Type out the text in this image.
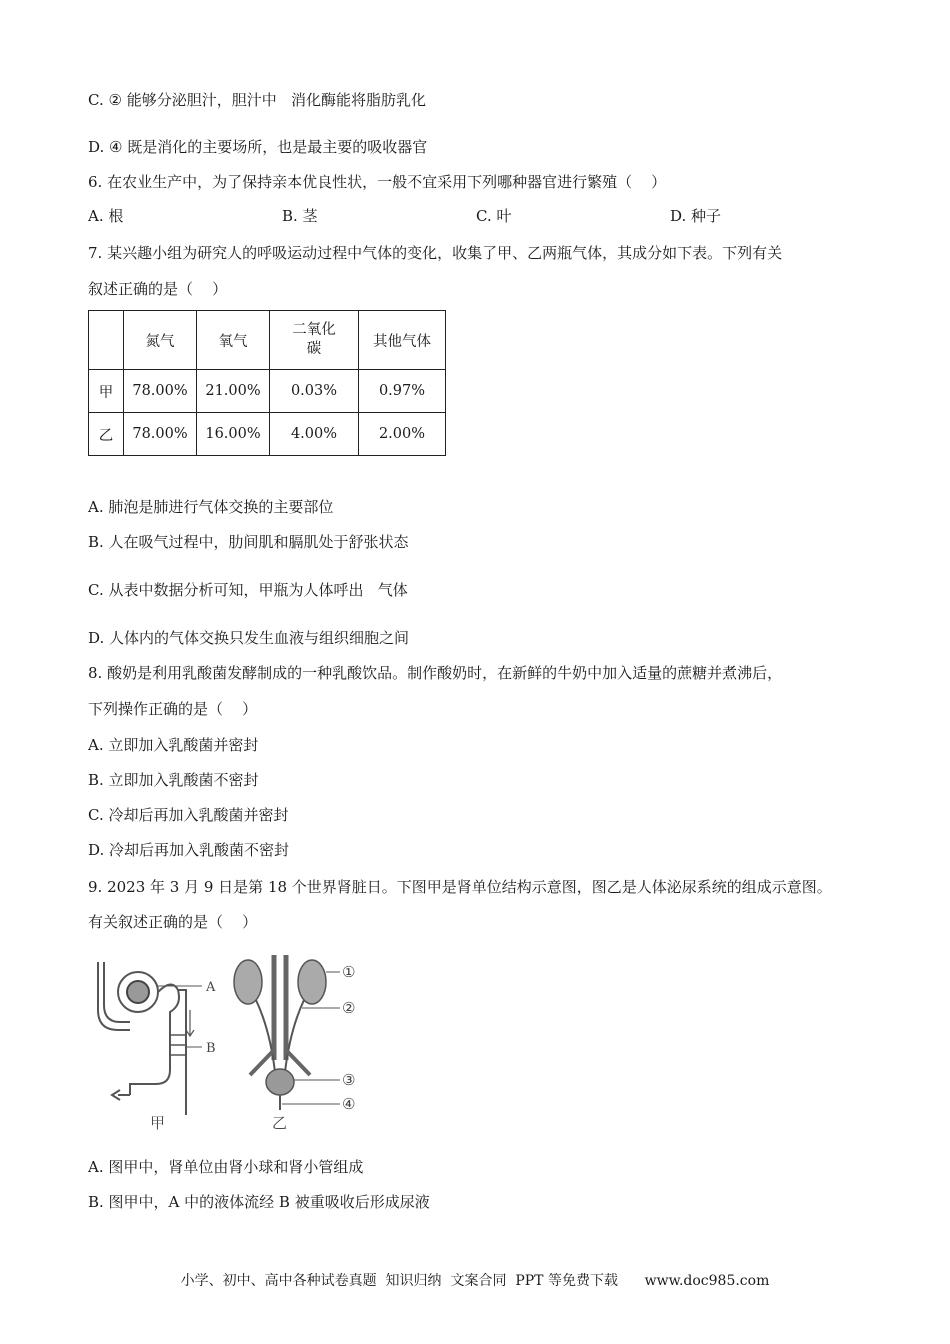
C. ② 能够分泌胆汁，胆汁中   消化酶能将脂肪乳化
D. ④ 既是消化的主要场所，也是最主要的吸收器官
6. 在农业生产中，为了保持亲本优良性状，一般不宜采用下列哪种器官进行繁殖（    ）
A. 根	B. 茎	C. 叶	D. 种子
7. 某兴趣小组为研究人的呼吸运动过程中气体的变化，收集了甲、乙两瓶气体，其成分如下表。下列有关
叙述正确的是（    ）
	氮气	氧气	二氧化碳	其他气体
甲	78.00%	21.00%	0.03%	0.97%
乙	78.00%	16.00%	4.00%	2.00%
A. 肺泡是肺进行气体交换的主要部位
B. 人在吸气过程中，肋间肌和膈肌处于舒张状态
C. 从表中数据分析可知，甲瓶为人体呼出   气体
D. 人体内的气体交换只发生血液与组织细胞之间
8. 酸奶是利用乳酸菌发酵制成的一种乳酸饮品。制作酸奶时，在新鲜的牛奶中加入适量的蔗糖并煮沸后，
下列操作正确的是（    ）
A. 立即加入乳酸菌并密封
B. 立即加入乳酸菌不密封
C. 冷却后再加入乳酸菌并密封
D. 冷却后再加入乳酸菌不密封
9. 2023 年 3 月 9 日是第 18 个世界肾脏日。下图甲是肾单位结构示意图，图乙是人体泌尿系统的组成示意图。
有关叙述正确的是（    ）
A
B
甲
①
②
③
④
乙
A. 图甲中，肾单位由肾小球和肾小管组成
B. 图甲中，A 中的液体流经 B 被重吸收后形成尿液
小学、初中、高中各种试卷真题  知识归纳  文案合同  PPT 等免费下载      www.doc985.com
